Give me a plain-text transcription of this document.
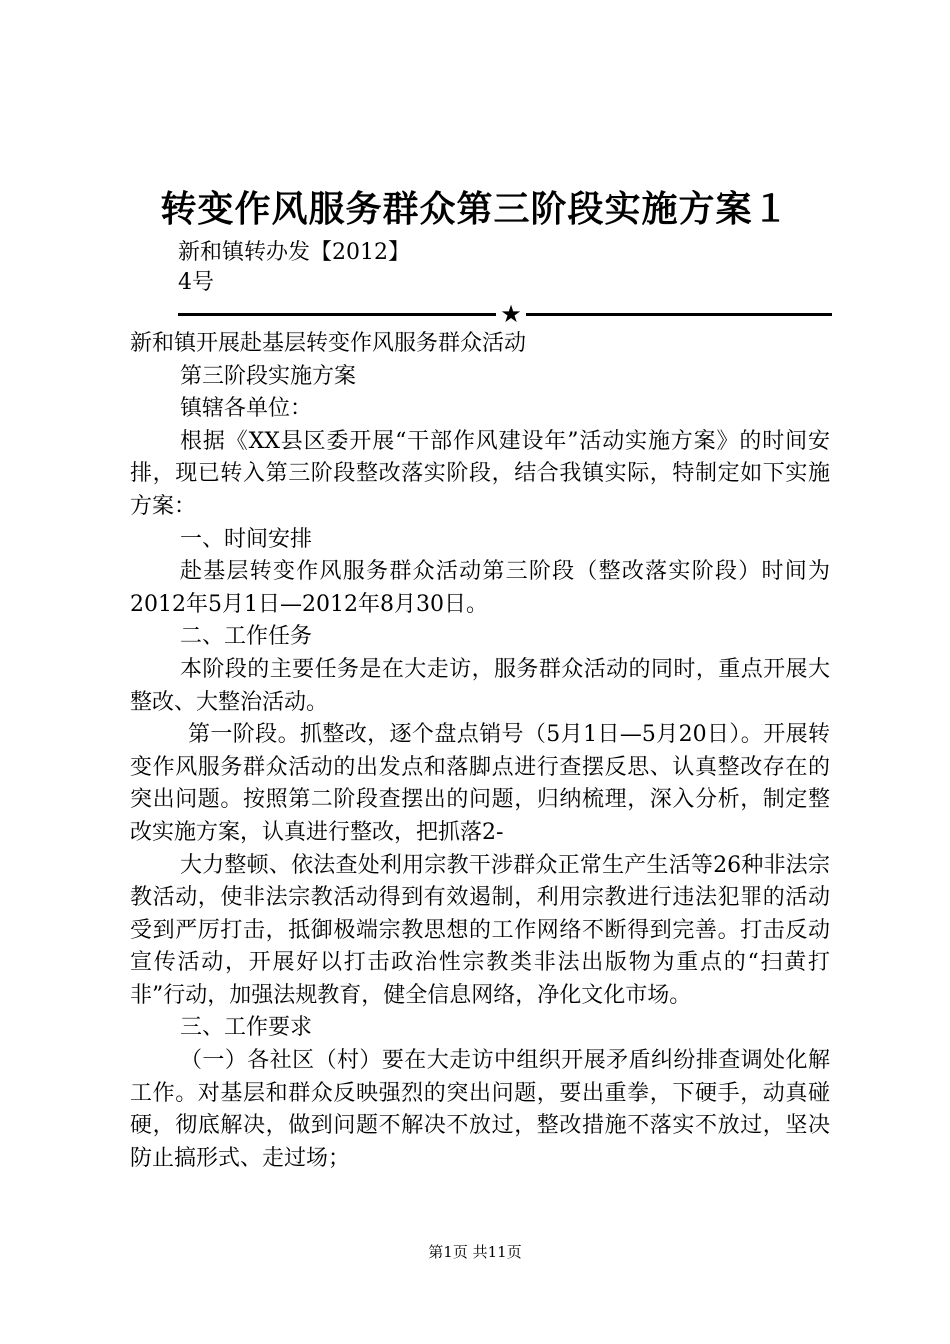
转变作风服务群众第三阶段实施方案１
新和镇转办发【2012】
4号
★

新和镇开展赴基层转变作风服务群众活动

第三阶段实施方案

镇辖各单位：

根据《XX县区委开展“干部作风建设年”活动实施方案》的时间安排，现已转入第三阶段整改落实阶段，结合我镇实际，特制定如下实施方案：

一、时间安排

赴基层转变作风服务群众活动第三阶段（整改落实阶段）时间为2012年5月1日—2012年8月30日。

二、工作任务

本阶段的主要任务是在大走访，服务群众活动的同时，重点开展大整改、大整治活动。

第一阶段。抓整改，逐个盘点销号（5月1日—5月20日）。开展转变作风服务群众活动的出发点和落脚点进行查摆反思、认真整改存在的突出问题。按照第二阶段查摆出的问题，归纳梳理，深入分析，制定整改实施方案，认真进行整改，把抓落2-

大力整顿、依法查处利用宗教干涉群众正常生产生活等26种非法宗教活动，使非法宗教活动得到有效遏制，利用宗教进行违法犯罪的活动受到严厉打击，抵御极端宗教思想的工作网络不断得到完善。打击反动宣传活动，开展好以打击政治性宗教类非法出版物为重点的“扫黄打非”行动，加强法规教育，健全信息网络，净化文化市场。

三、工作要求

（一）各社区（村）要在大走访中组织开展矛盾纠纷排查调处化解工作。对基层和群众反映强烈的突出问题，要出重拳，下硬手，动真碰硬，彻底解决，做到问题不解决不放过，整改措施不落实不放过，坚决防止搞形式、走过场；

第1页 共11页
